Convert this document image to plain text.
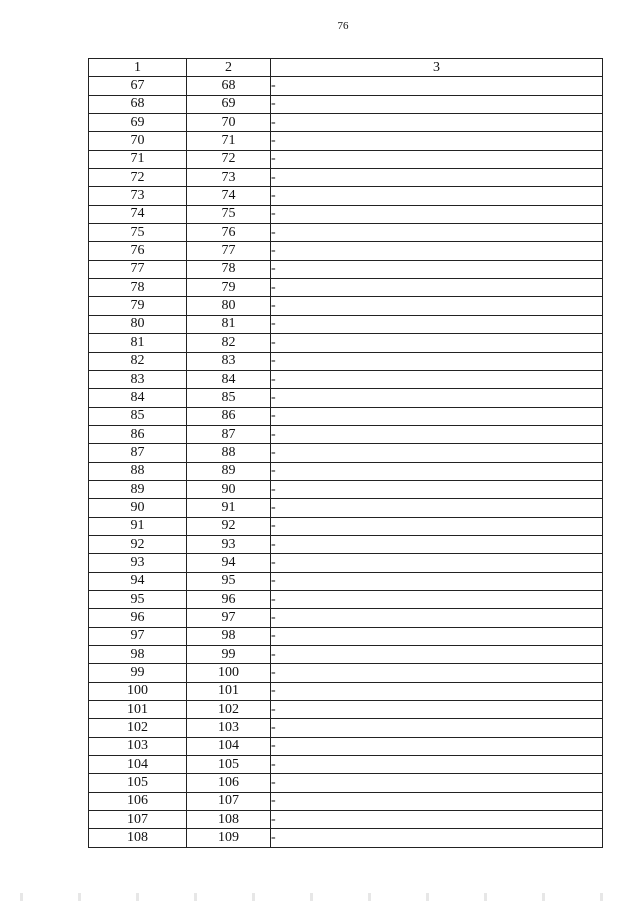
76
1	2	3
67	68	-
68	69	-
69	70	-
70	71	-
71	72	-
72	73	-
73	74	-
74	75	-
75	76	-
76	77	-
77	78	-
78	79	-
79	80	-
80	81	-
81	82	-
82	83	-
83	84	-
84	85	-
85	86	-
86	87	-
87	88	-
88	89	-
89	90	-
90	91	-
91	92	-
92	93	-
93	94	-
94	95	-
95	96	-
96	97	-
97	98	-
98	99	-
99	100	-
100	101	-
101	102	-
102	103	-
103	104	-
104	105	-
105	106	-
106	107	-
107	108	-
108	109	-
